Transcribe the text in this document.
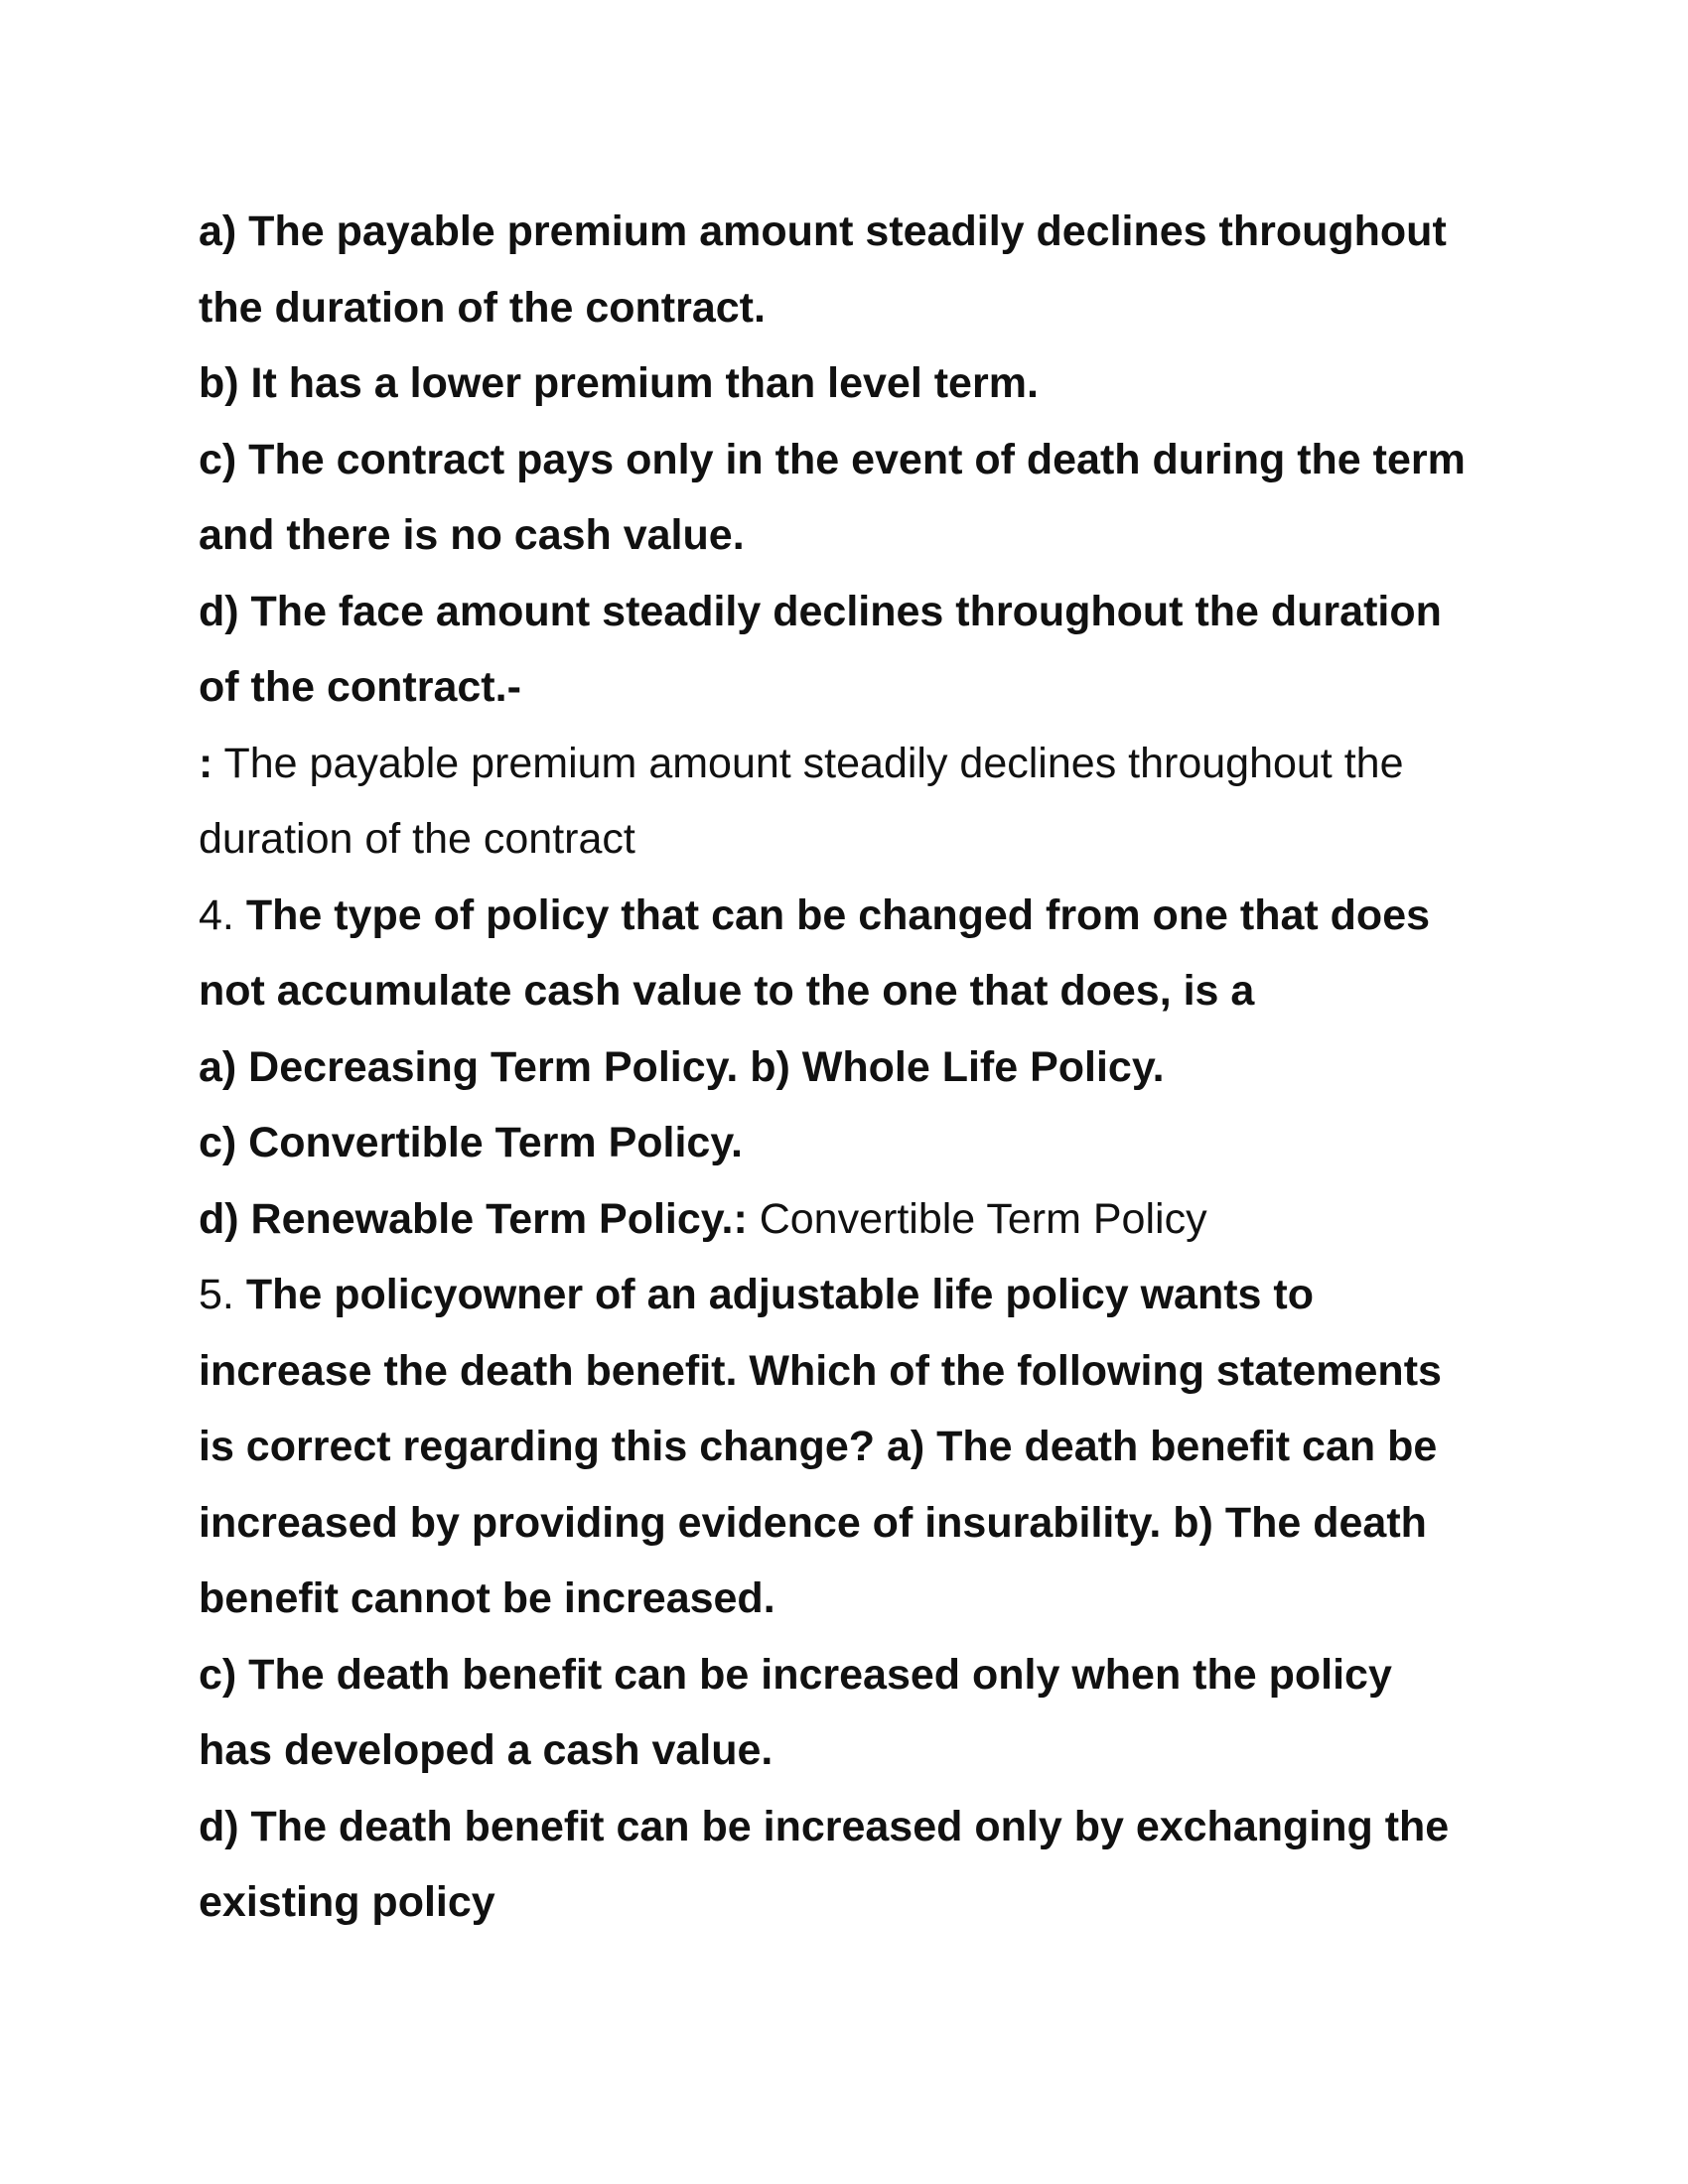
a) The payable premium amount steadily declines throughout
the duration of the contract.
b) It has a lower premium than level term.
c) The contract pays only in the event of death during the term
and there is no cash value.
d) The face amount steadily declines throughout the duration
of the contract.-
: The payable premium amount steadily declines throughout the
duration of the contract
4. The type of policy that can be changed from one that does
not accumulate cash value to the one that does, is a
a) Decreasing Term Policy. b) Whole Life Policy.
c) Convertible Term Policy.
d) Renewable Term Policy.: Convertible Term Policy
5. The policyowner of an adjustable life policy wants to
increase the death benefit. Which of the following statements
is correct regarding this change? a) The death benefit can be
increased by providing evidence of insurability. b) The death
benefit cannot be increased.
c) The death benefit can be increased only when the policy
has developed a cash value.
d) The death benefit can be increased only by exchanging the
existing policy
